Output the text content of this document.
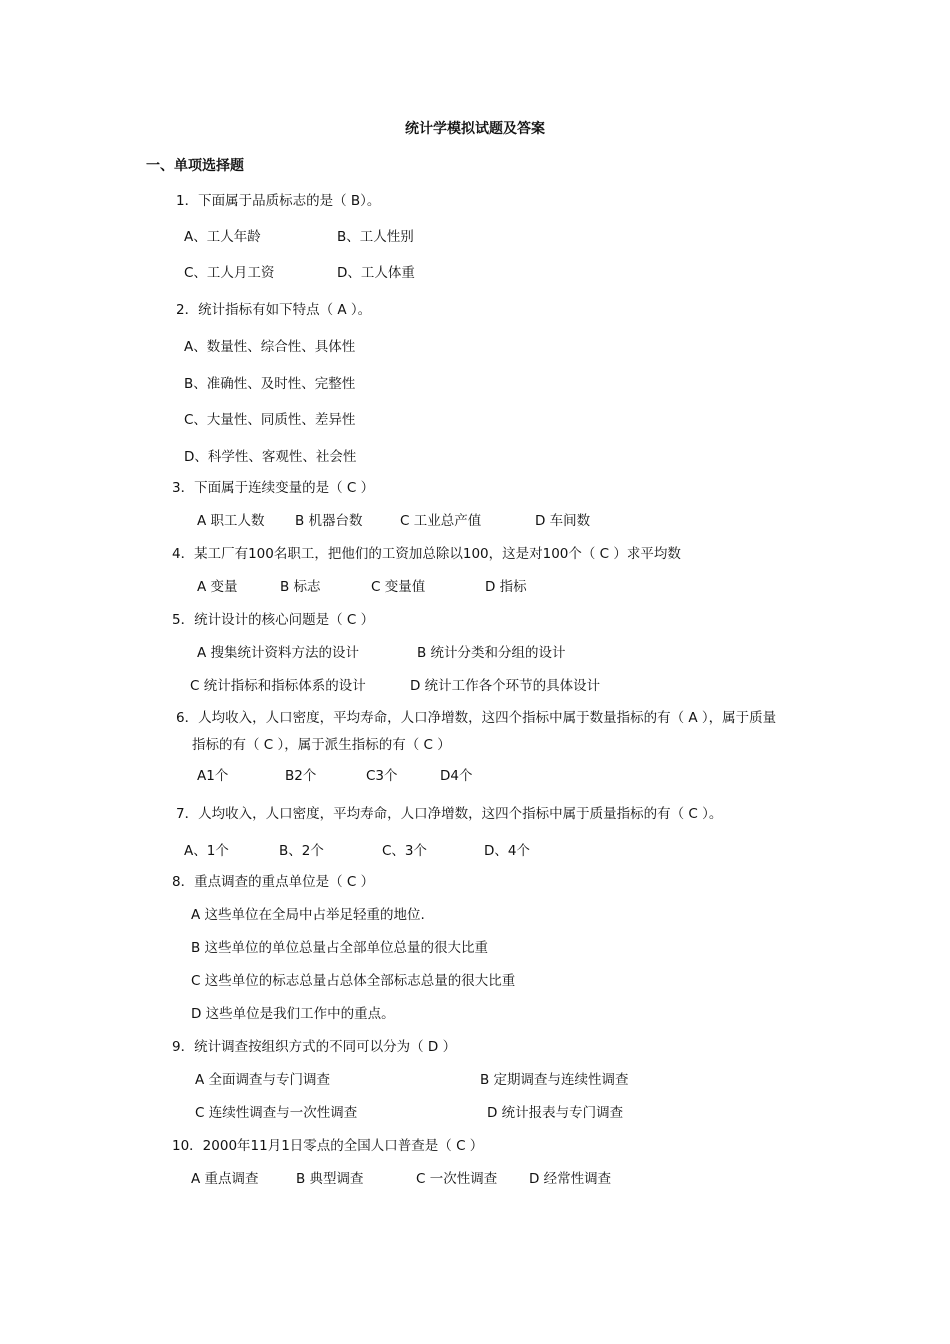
统计学模拟试题及答案
一、单项选择题
1．下面属于品质标志的是（ B）。
A、工人年龄	B、工人性别
C、工人月工资	D、工人体重
2．统计指标有如下特点（ A ）。
A、数量性、综合性、具体性
B、准确性、及时性、完整性
C、大量性、同质性、差异性
D、科学性、客观性、社会性
3．下面属于连续变量的是（ C ）
A 职工人数 B 机器台数	C 工业总产值	D 车间数
4．某工厂有100名职工，把他们的工资加总除以100，这是对100个（ C ）求平均数
A 变量	B 标志	C 变量值	D 指标
5．统计设计的核心问题是（ C ）
A 搜集统计资料方法的设计	B 统计分类和分组的设计
C 统计指标和指标体系的设计	D 统计工作各个环节的具体设计
6．人均收入，人口密度，平均寿命，人口净增数，这四个指标中属于数量指标的有（ A ），属于质量
指标的有（ C ），属于派生指标的有（ C ）
A1个	B2个	C3个	D4个
7．人均收入，人口密度，平均寿命，人口净增数，这四个指标中属于质量指标的有（ C ）。
A、1个	B、2个	C、3个	D、4个
8．重点调查的重点单位是（ C ）
A 这些单位在全局中占举足轻重的地位.
B 这些单位的单位总量占全部单位总量的很大比重
C 这些单位的标志总量占总体全部标志总量的很大比重
D 这些单位是我们工作中的重点。
9．统计调查按组织方式的不同可以分为（ D ）
A 全面调查与专门调查	B 定期调查与连续性调查
C 连续性调查与一次性调查	D 统计报表与专门调查
10．2000年11月1日零点的全国人口普查是（ C ）
A 重点调查	B 典型调查	C 一次性调查 D 经常性调查
